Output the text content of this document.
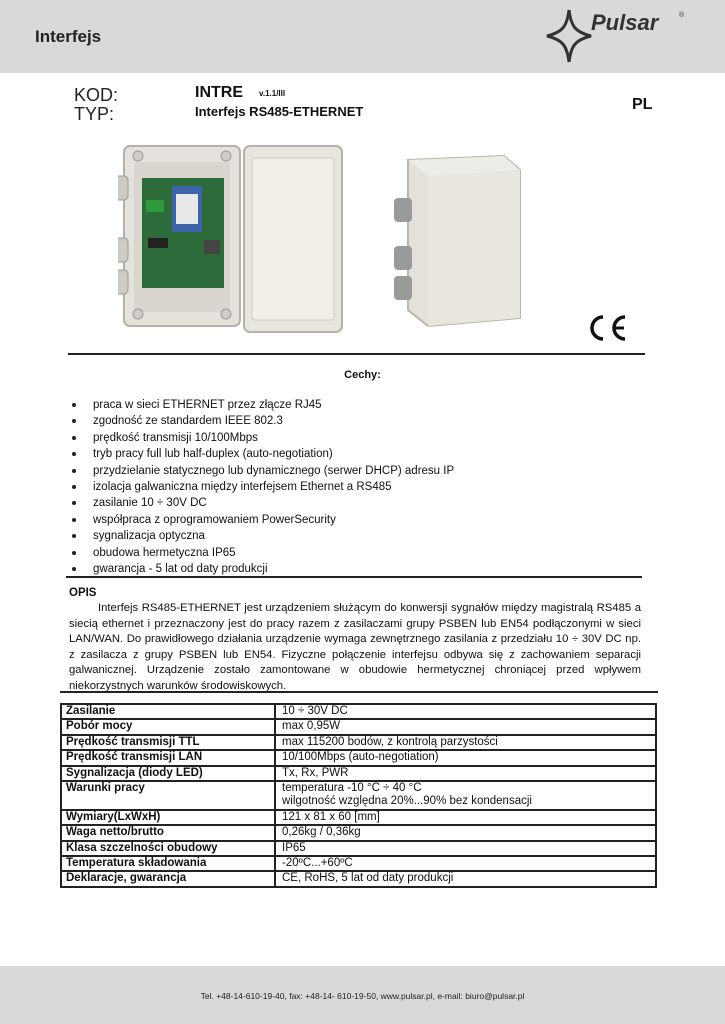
Interfejs
Pulsar	®
KOD:
TYP:
INTRE v.1.1/III
Interfejs RS485-ETHERNET	PL
Cechy:
praca w sieci ETHERNET przez złącze RJ45
zgodność ze standardem IEEE 802.3
prędkość transmisji 10/100Mbps
tryb pracy full lub half-duplex (auto-negotiation)
przydzielanie statycznego lub dynamicznego (serwer DHCP) adresu IP
izolacja galwaniczna między interfejsem Ethernet a RS485
zasilanie 10 ÷ 30V DC
współpraca z oprogramowaniem PowerSecurity
sygnalizacja optyczna
obudowa hermetyczna IP65
gwarancja - 5 lat od daty produkcji
OPIS

Interfejs RS485-ETHERNET jest urządzeniem służącym do konwersji sygnałów między magistralą RS485 a siecią ethernet i przeznaczony jest do pracy razem z zasilaczami grupy PSBEN lub EN54 podłączonymi w sieci LAN/WAN. Do prawidłowego działania urządzenie wymaga zewnętrznego zasilania z przedziału 10 ÷ 30V DC np. z zasilacza z grupy PSBEN lub EN54. Fizyczne połączenie interfejsu odbywa się z zachowaniem separacji galwanicznej. Urządzenie zostało zamontowane w obudowie hermetycznej chroniącej przed wpływem niekorzystnych warunków środowiskowych.

Zasilanie	10 ÷ 30V DC
Pobór mocy	max 0,95W
Prędkość transmisji TTL	max 115200 bodów, z kontrolą parzystości
Prędkość transmisji LAN	10/100Mbps (auto-negotiation)
Sygnalizacja (diody LED)	Tx, Rx, PWR
Warunki pracy	temperatura -10 °C ÷ 40 °C
wilgotność względna 20%...90% bez kondensacji

Wymiary(LxWxH)	121 x 81 x 60 [mm]
Waga netto/brutto	0,26kg / 0,36kg
Klasa szczelności obudowy	IP65
Temperatura składowania	-20ºC...+60ºC
Deklaracje, gwarancja	CE, RoHS, 5 lat od daty produkcji
Tel. +48-14-610-19-40, fax: +48-14- 610-19-50, www.pulsar.pl, e-mail: biuro@pulsar.pl
